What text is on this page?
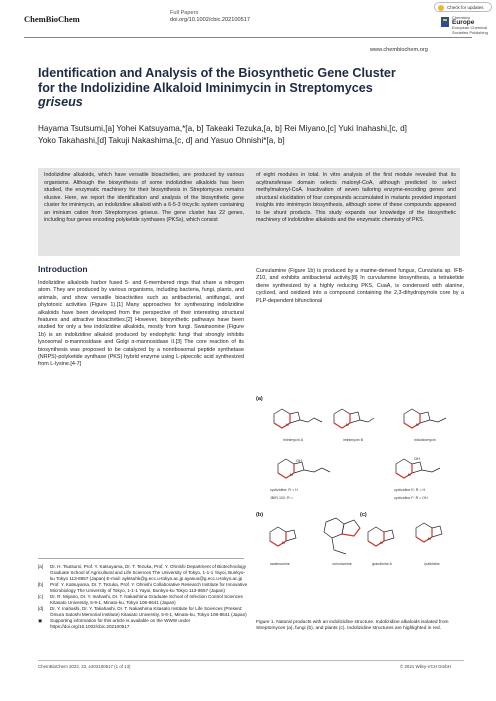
ChemBioChem
Full Papers
doi.org/10.1002/cbic.202100517
Check for updates
Chemistry
Europe
European Chemical
Societies Publishing
www.chembiochem.org
Identification and Analysis of the Biosynthetic Gene Cluster
for the Indolizidine Alkaloid Iminimycin in Streptomyces
griseus
Hayama Tsutsumi,[a] Yohei Katsuyama,*[a, b] Takeaki Tezuka,[a, b] Rei Miyano,[c] Yuki Inahashi,[c, d]
Yoko Takahashi,[d] Takuji Nakashima,[c, d] and Yasuo Ohnishi*[a, b]
Indolizidine alkaloids, which have versatile bioactivities, are produced by various organisms. Although the biosynthesis of some indolizidine alkaloids has been studied, the enzymatic machinery for their biosynthesis in Streptomyces remains elusive. Here, we report the identification and analysis of the biosynthetic gene cluster for iminimycin, an indolizidine alkaloid with a 6-5-3 tricyclic system containing an iminium cation from Streptomyces griseus. The gene cluster has 22 genes, including four genes encoding polyketide synthases (PKSs), which consist
of eight modules in total. In vitro analysis of the first module revealed that its acyltransferase domain selects malonyl-CoA, although predicted to select methylmalonyl-CoA. Inactivation of seven tailoring enzyme-encoding genes and structural elucidation of four compounds accumulated in mutants provided important insights into iminimycin biosynthesis, although some of these compounds appeared to be shunt products. This study expands our knowledge of the biosynthetic machinery of indolizidine alkaloids and the enzymatic chemistry of PKS.
Introduction
Indolizidine alkaloids harbor fused 5- and 6-membered rings that share a nitrogen atom. They are produced by various organisms, including bacteria, fungi, plants, and animals, and show versatile bioactivities such as antibacterial, antifungal, and phytotoxic activities (Figure 1).[1] Many approaches for synthesizing indolizidine alkaloids have been developed from the perspective of their interesting structural features and attractive bioactivities.[2] However, biosynthetic pathways have been studied for only a few indolizidine alkaloids, mostly from fungi. Swainsonine (Figure 1b) is an indolizidine alkaloid produced by endophytic fungi that strongly inhibits lysosomal α-mannosidase and Golgi α-mannosidase II.[3] The core reaction of its biosynthesis was proposed to be catalyzed by a nonribosomal peptide synthetase (NRPS)-polyketide synthase (PKS) hybrid enzyme using L-pipecolic acid synthesized from L-lysine.[4-7]
Curvulamine (Figure 1b) is produced by a marine-derived fungus, Curvularia sp. IFB-Z10, and exhibits antibacterial activity.[8] In curvulamine biosynthesis, a tetraketide diene synthesized by a highly reducing PKS, CuaA, is condensed with alanine, cyclized, and oxidized into a compound containing the 2,3-dihydropyrrole core by a PLP-dependent bifunctional
[a]	Dr. H. Tsutsumi, Prof. Y. Katsuyama, Dr. T. Tezuka, Prof. Y. Ohnishi Department of Biotechnology Graduate School of Agricultural and Life Sciences The University of Tokyo, 1-1-1 Yayoi, Bunkyo-ku Tokyo 113-8657 (Japan) E-mail: ayktsuhk@g.ecc.u-tokyo.ac.jp ayasuo@g.ecc.u-tokyo.ac.jp
[b]	Prof. Y. Katsuyama, Dr. T. Tezuka, Prof. Y. Ohnishi Collaborative Research Institute for Innovative Microbiology The University of Tokyo, 1-1-1 Yayoi, Bunkyo-ku Tokyo 113-8657 (Japan)
[c]	Dr. R. Miyano, Dr. Y. Inahashi, Dr. T. Nakashima Graduate School of Infection Control Sciences Kitasato University, 5-9-1, Minato-ku, Tokyo 108-8641 (Japan)
[d]	Dr. Y. Inahashi, Dr. Y. Takahashi, Dr. T. Nakashima Kitasato Institute for Life Sciences (Present: Ōmura Satoshi Memorial Institute) Kitasato University, 5-9-1, Minato-ku, Tokyo 108-8641 (Japan)
▣	Supporting information for this article is available on the WWW under https://doi.org/10.1002/cbic.202100517
N	N	N
N	N
N	N
N
OH	OH
(a)
iminimycin A	iminimycin B	indolizomycin
cyclizidine: R = H	cyclizidine E: R = H
JBIR-102: R =	cyclizidine F: R = OH
(b)	(c)
swainsonine	curvulamine	grandisine A	ipalbidine
Figure 1. Natural products with an indolizidine structure. Indolizidine alkaloids isolated from Streptomyces (a), fungi (b), and plants (c). Indolizidine structures are highlighted in red.
ChemBioChem 2022, 23, e202100517 (1 of 13)	© 2021 Wiley-VCH GmbH
